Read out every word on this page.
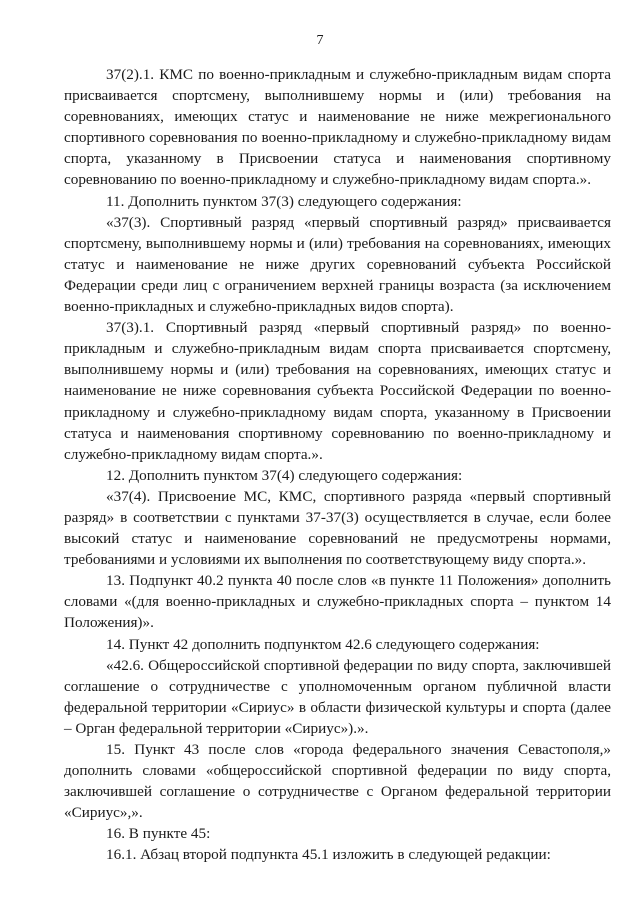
7

37(2).1. КМС по военно-прикладным и служебно-прикладным видам спорта присваивается спортсмену, выполнившему нормы и (или) требования на соревнованиях, имеющих статус и наименование не ниже межрегионального спортивного соревнования по военно-прикладному и служебно-прикладному видам спорта, указанному в Присвоении статуса и наименования спортивному соревнованию по военно-прикладному и служебно-прикладному видам спорта.».

11. Дополнить пунктом 37(3) следующего содержания:

«37(3). Спортивный разряд «первый спортивный разряд» присваивается спортсмену, выполнившему нормы и (или) требования на соревнованиях, имеющих статус и наименование не ниже других соревнований субъекта Российской Федерации среди лиц с ограничением верхней границы возраста (за исключением военно-прикладных и служебно-прикладных видов спорта).

37(3).1. Спортивный разряд «первый спортивный разряд» по военно-прикладным и служебно-прикладным видам спорта присваивается спортсмену, выполнившему нормы и (или) требования на соревнованиях, имеющих статус и наименование не ниже соревнования субъекта Российской Федерации по военно-прикладному и служебно-прикладному видам спорта, указанному в Присвоении статуса и наименования спортивному соревнованию по военно-прикладному и служебно-прикладному видам спорта.».

12. Дополнить пунктом 37(4) следующего содержания:

«37(4). Присвоение МС, КМС, спортивного разряда «первый спортивный разряд» в соответствии с пунктами 37-37(3) осуществляется в случае, если более высокий статус и наименование соревнований не предусмотрены нормами, требованиями и условиями их выполнения по соответствующему виду спорта.».

13. Подпункт 40.2 пункта 40 после слов «в пункте 11 Положения» дополнить словами «(для военно-прикладных и служебно-прикладных спорта – пунктом 14 Положения)».

14. Пункт 42 дополнить подпунктом 42.6 следующего содержания:

«42.6. Общероссийской спортивной федерации по виду спорта, заключившей соглашение о сотрудничестве с уполномоченным органом публичной власти федеральной территории «Сириус» в области физической культуры и спорта (далее – Орган федеральной территории «Сириус»).».

15. Пункт 43 после слов «города федерального значения Севастополя,» дополнить словами «общероссийской спортивной федерации по виду спорта, заключившей соглашение о сотрудничестве с Органом федеральной территории «Сириус»,».

16. В пункте 45:

16.1. Абзац второй подпункта 45.1 изложить в следующей редакции:
